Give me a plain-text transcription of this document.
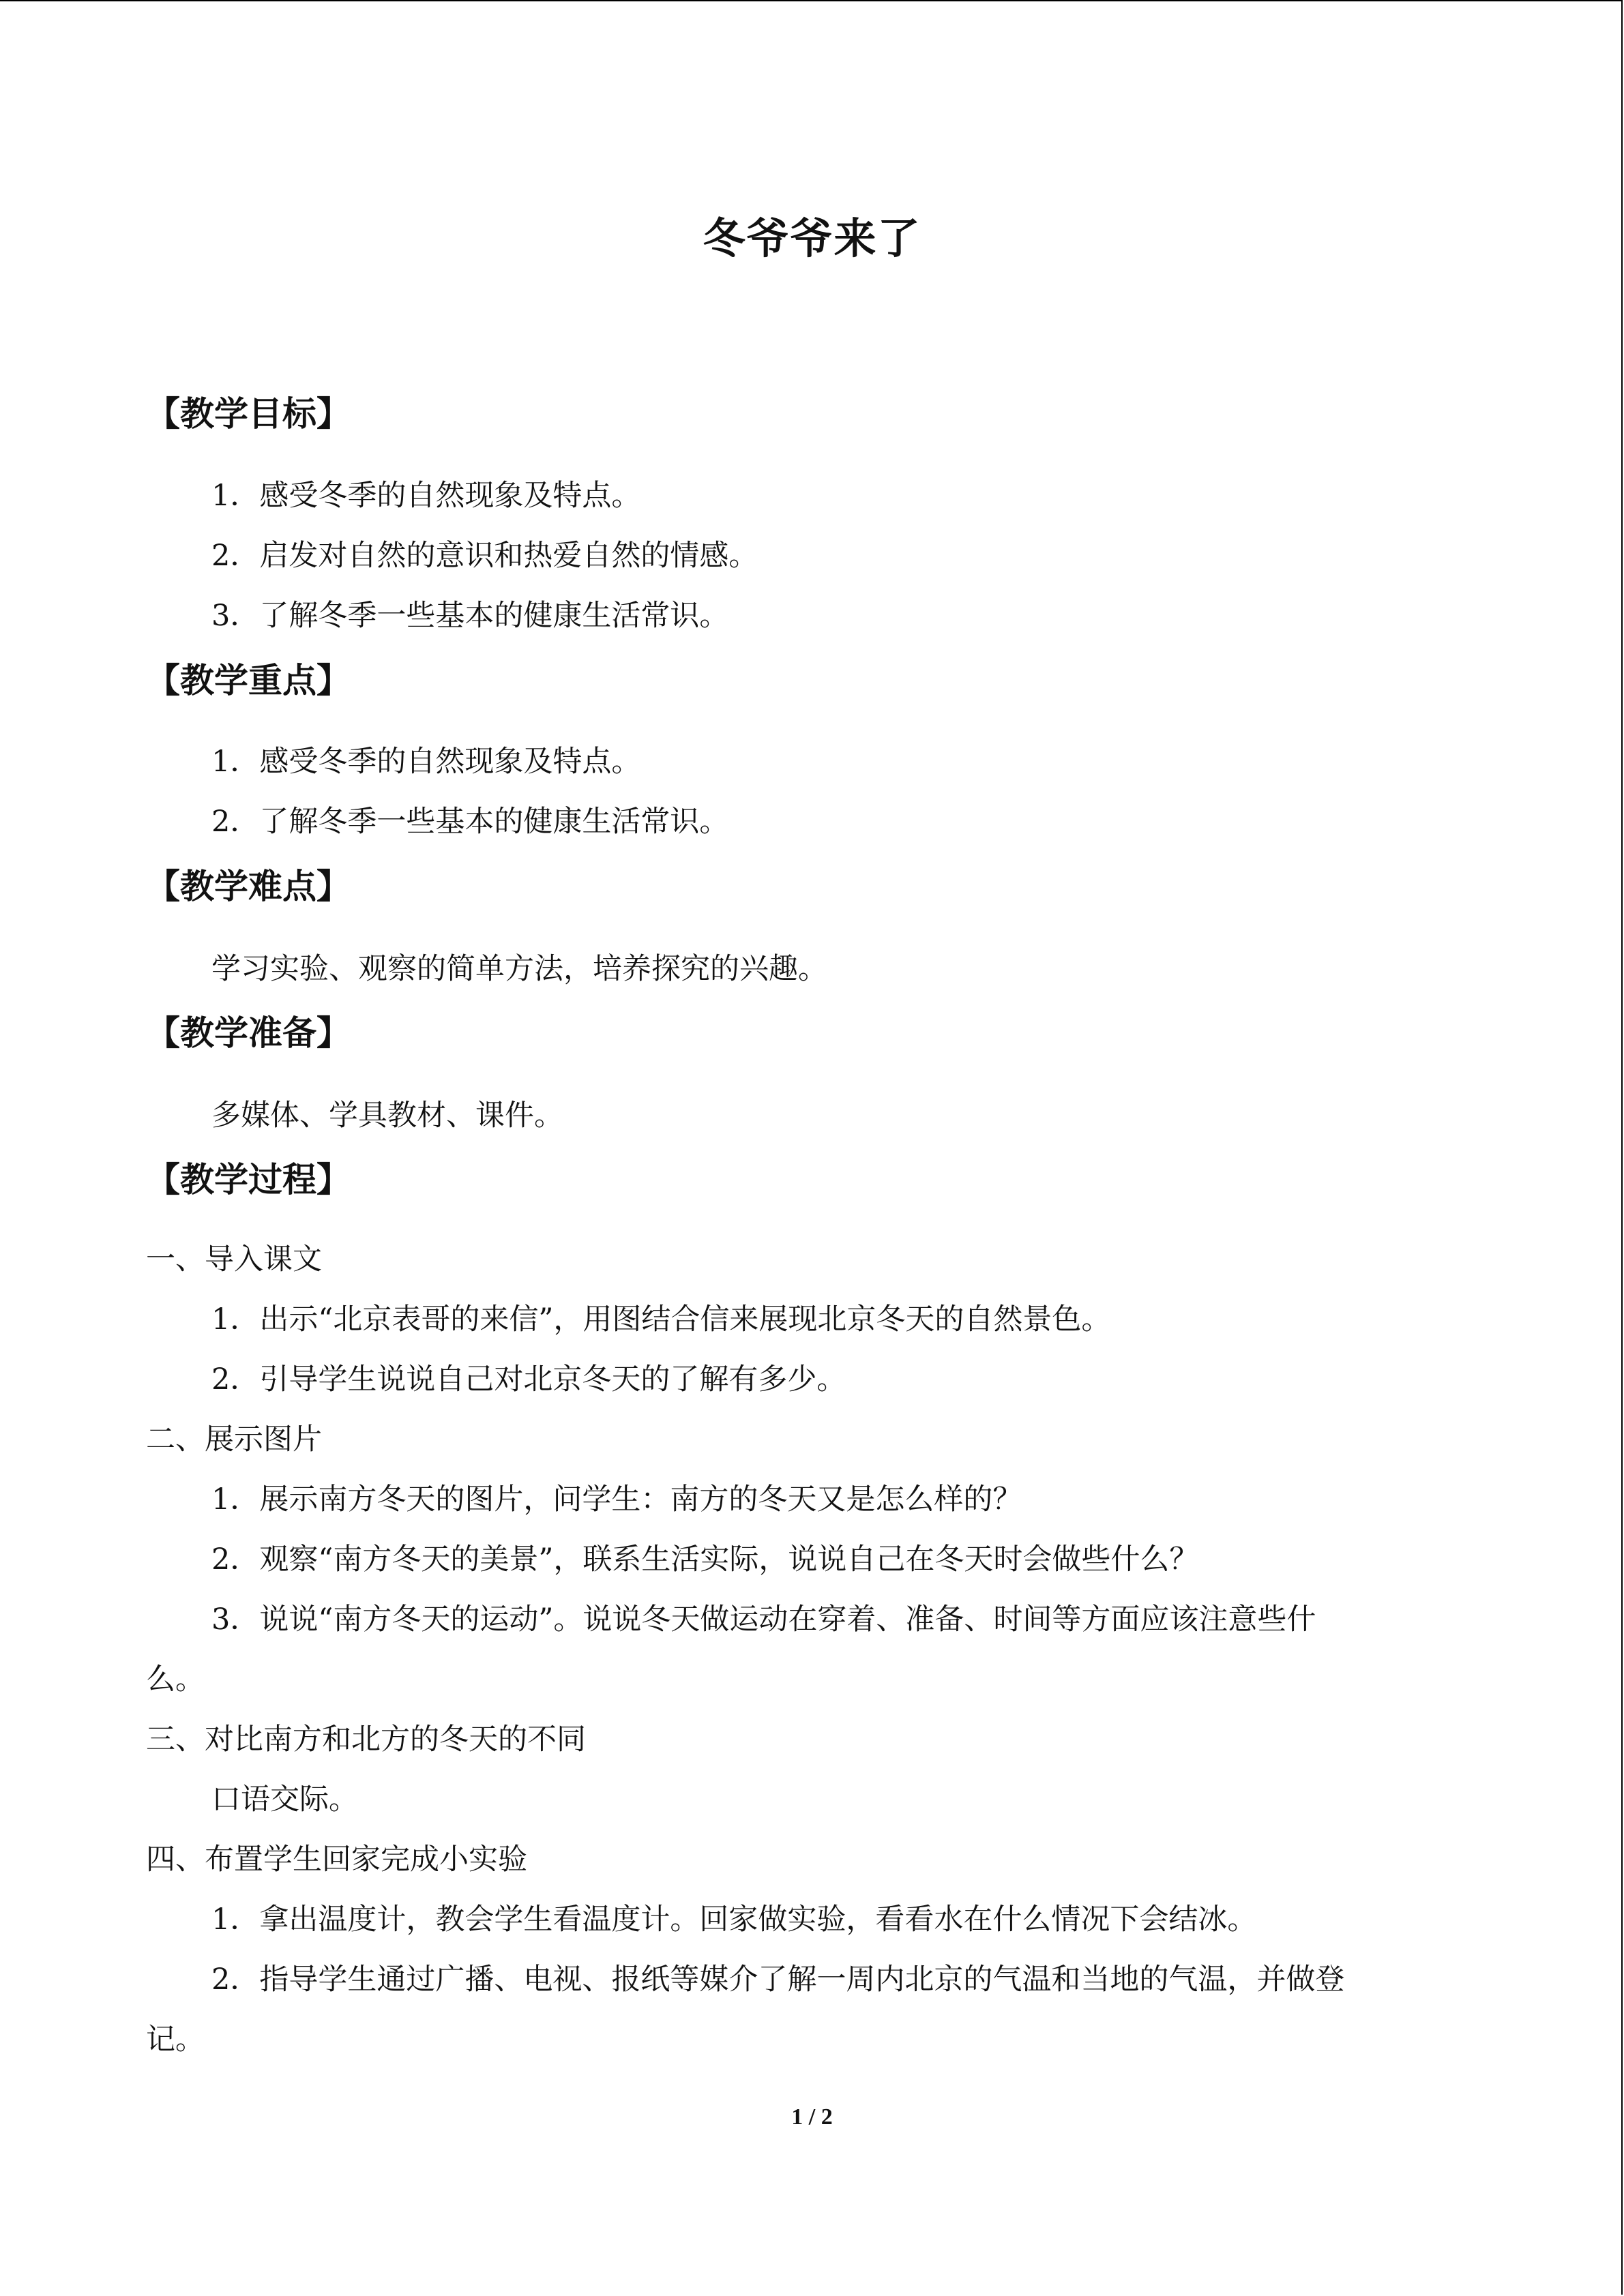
冬爷爷来了
【教学目标】
1．感受冬季的自然现象及特点。
2．启发对自然的意识和热爱自然的情感。
3．了解冬季一些基本的健康生活常识。
【教学重点】
1．感受冬季的自然现象及特点。
2．了解冬季一些基本的健康生活常识。
【教学难点】
学习实验、观察的简单方法，培养探究的兴趣。
【教学准备】
多媒体、学具教材、课件。
【教学过程】
一、导入课文
1．出示“北京表哥的来信”，用图结合信来展现北京冬天的自然景色。
2．引导学生说说自己对北京冬天的了解有多少。
二、展示图片
1．展示南方冬天的图片，问学生：南方的冬天又是怎么样的？
2．观察“南方冬天的美景”，联系生活实际，说说自己在冬天时会做些什么？
3．说说“南方冬天的运动”。说说冬天做运动在穿着、准备、时间等方面应该注意些什
么。
三、对比南方和北方的冬天的不同
口语交际。
四、布置学生回家完成小实验
1．拿出温度计，教会学生看温度计。回家做实验，看看水在什么情况下会结冰。
2．指导学生通过广播、电视、报纸等媒介了解一周内北京的气温和当地的气温，并做登
记。
1 / 2
